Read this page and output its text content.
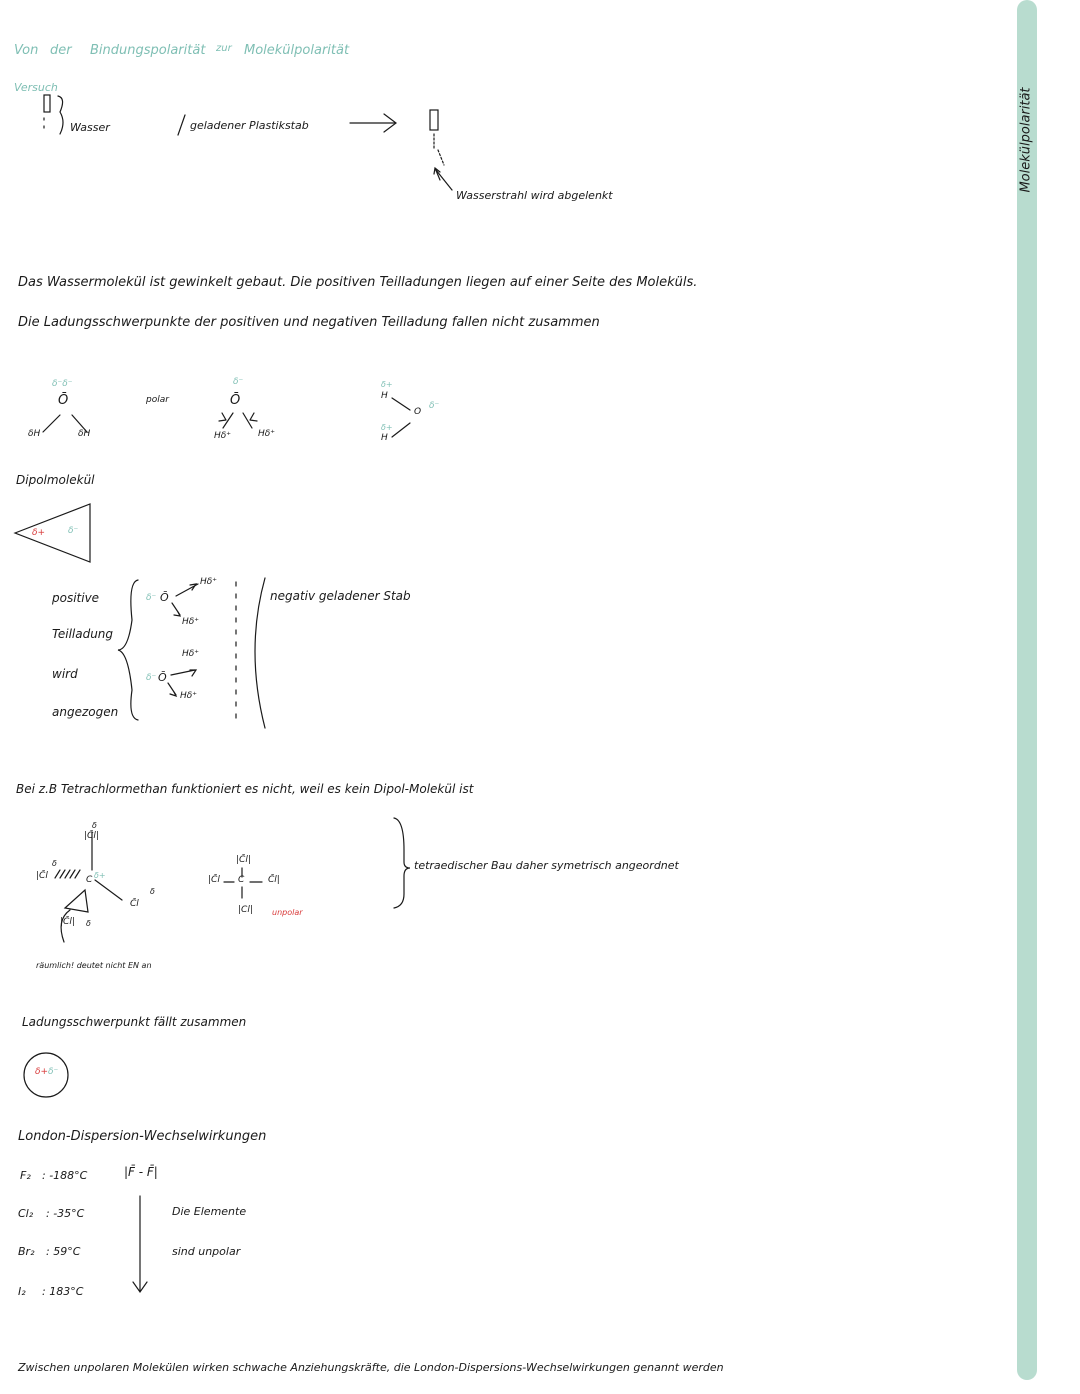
Molekülpolarität
Von der Bindungspolarität zur Molekülpolarität
Versuch
Wasser	geladener Plastikstab
Wasserstrahl wird abgelenkt
Das Wassermolekül ist gewinkelt gebaut. Die positiven Teilladungen liegen auf einer Seite des Moleküls.
Die Ladungsschwerpunkte der positiven und negativen Teilladung fallen nicht zusammen
δ⁻δ⁻
Ō
δH	δH
polar
δ⁻
Ō
Hδ⁺	Hδ⁺
δ+
H
δ+
H
O
δ⁻
Dipolmolekül
δ+	δ⁻
positive
Teilladung
wird
angezogen
δ⁻ Ō
Hδ⁺
Hδ⁺
δ⁻ Ō
Hδ⁺
Hδ⁺
negativ geladener Stab
Bei z.B Tetrachlormethan funktioniert es nicht, weil es kein Dipol-Molekül ist
δ
|C̄l|
δ
|C̄l	C δ+
δ
C̄l
|C̄l| δ
räumlich! deutet nicht EN an
|C̄l|
|C̄l C	C̄l|
|Cl| unpolar
tetraedischer Bau daher symetrisch angeordnet
Ladungsschwerpunkt fällt zusammen
δ+ δ⁻
London-Dispersion-Wechselwirkungen
F₂ : -188°C
Cl₂ : -35°C
Br₂ : 59°C
I₂ : 183°C
|F̄ - F̄|
Die Elemente
sind unpolar
Zwischen unpolaren Molekülen wirken schwache Anziehungskräfte, die London-Dispersions-Wechselwirkungen genannt werden
